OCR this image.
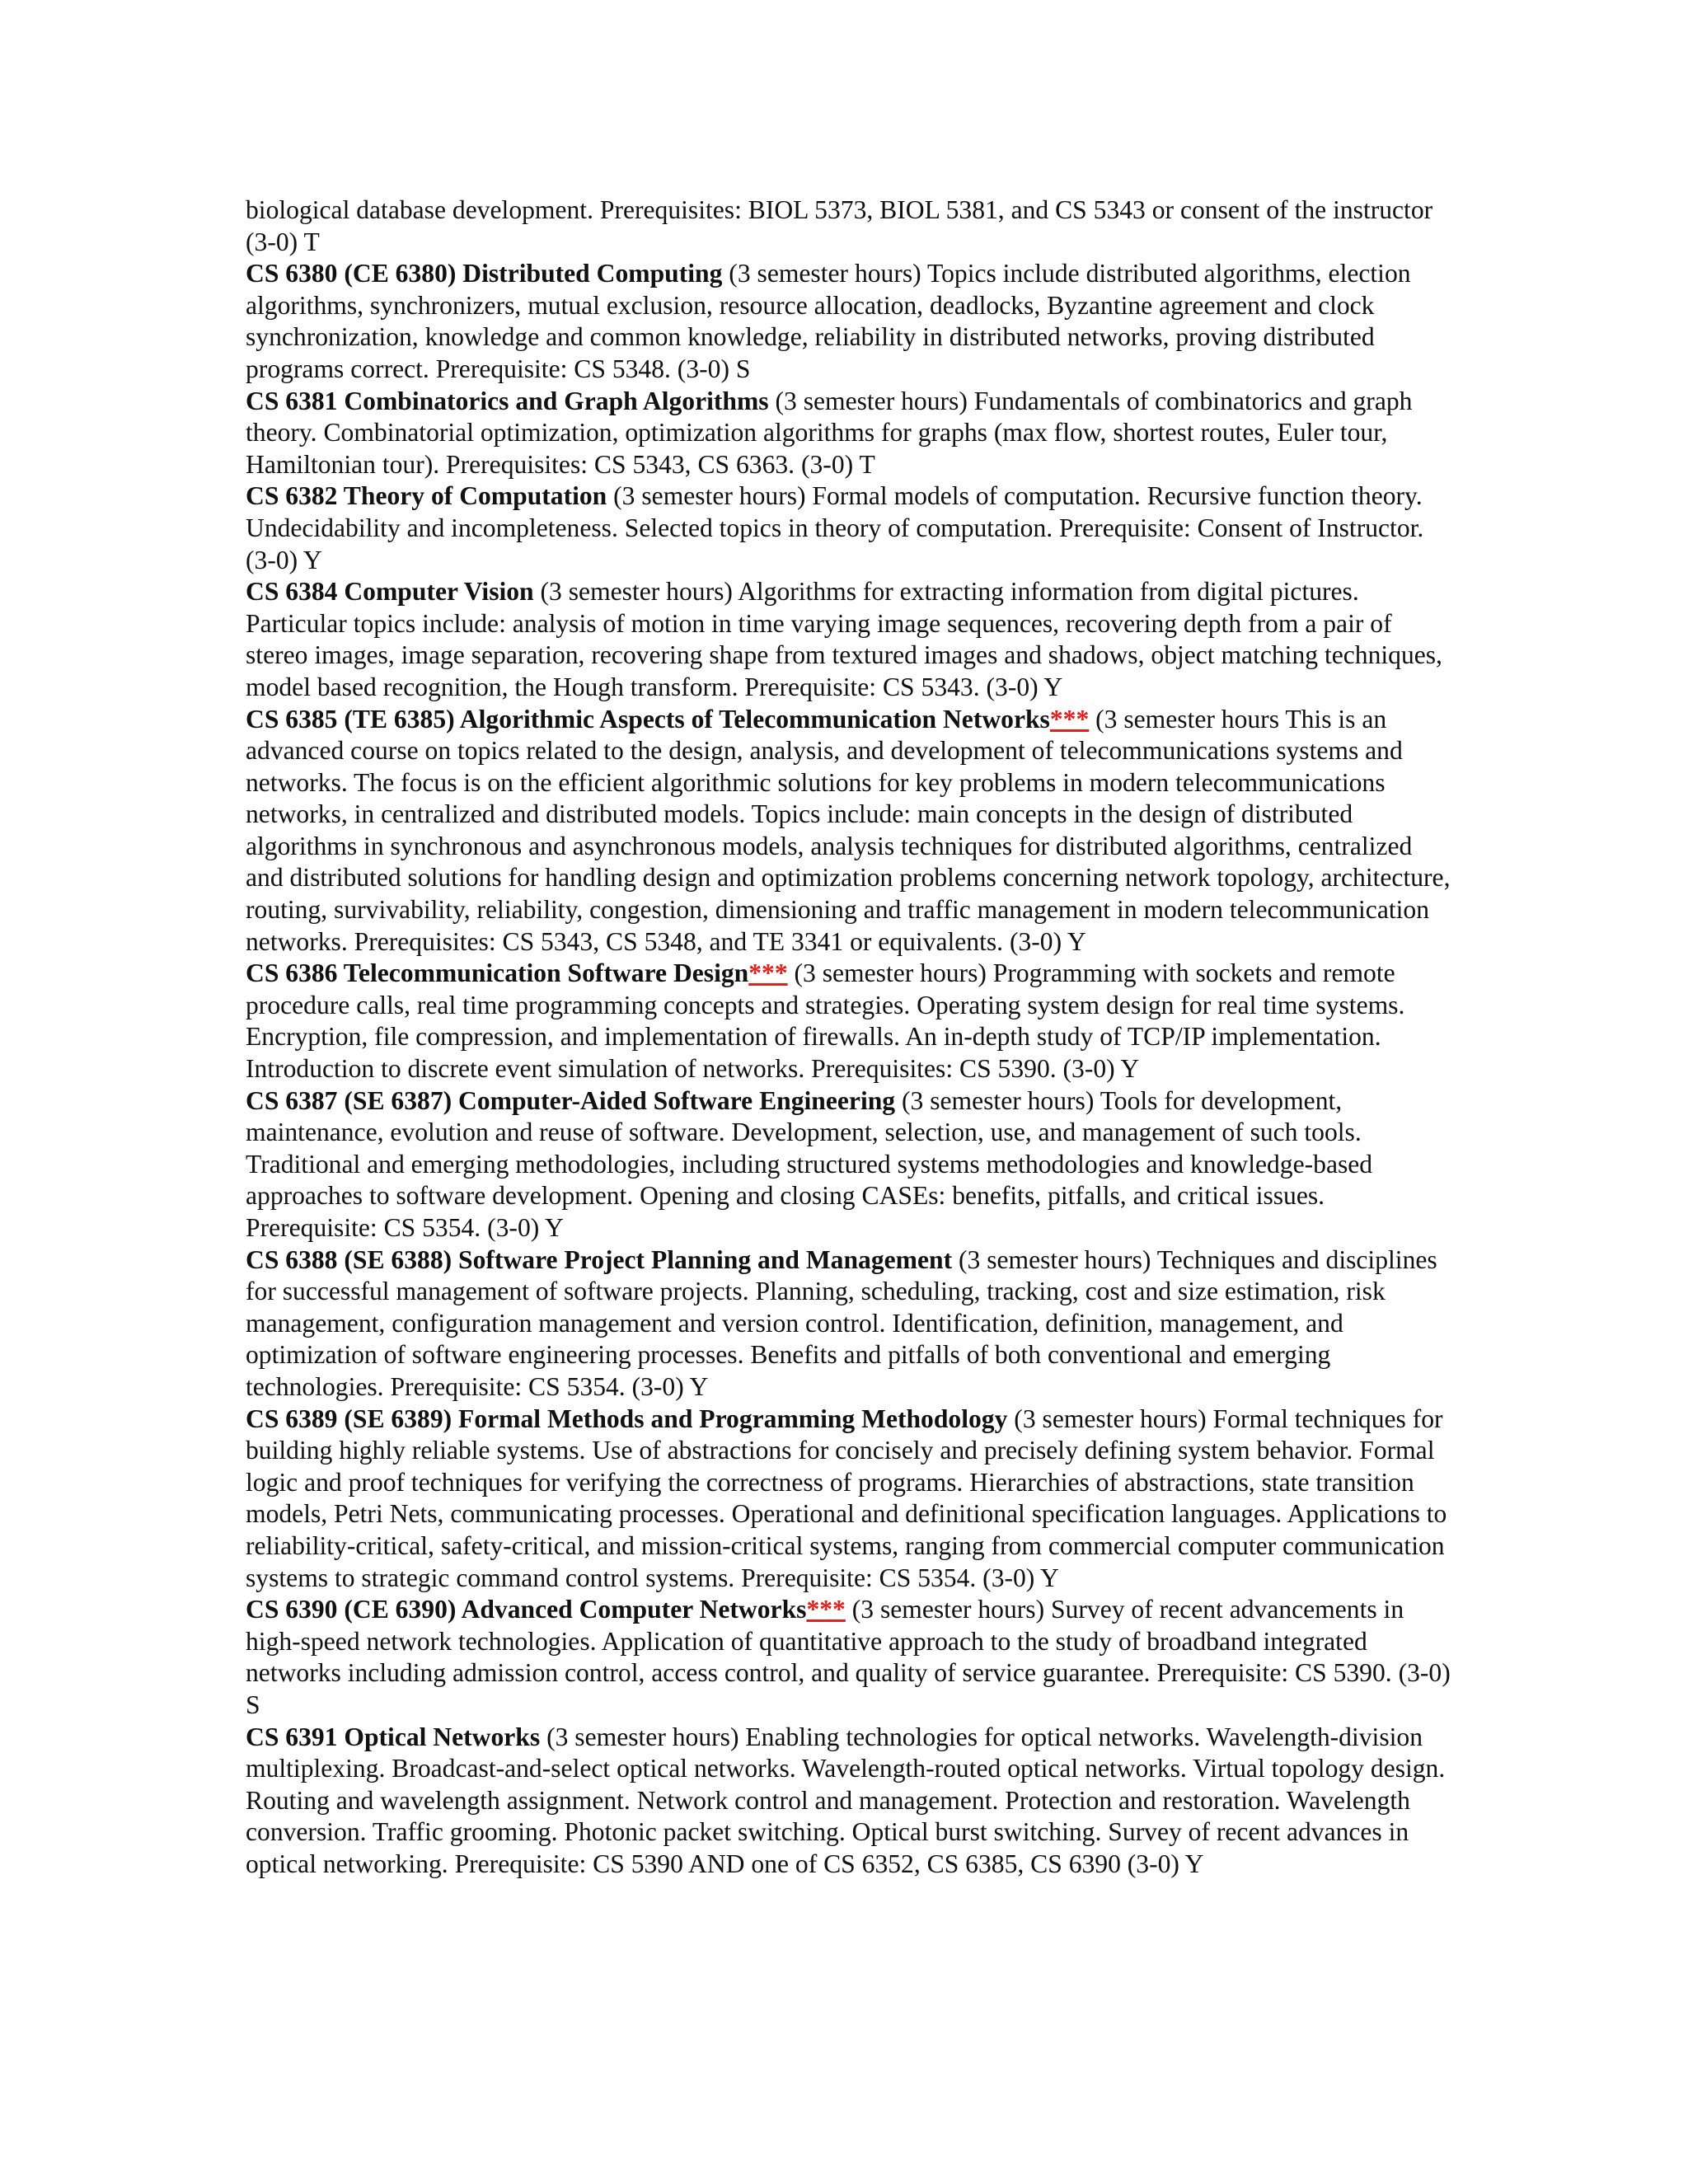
biological database development. Prerequisites: BIOL 5373, BIOL 5381, and CS 5343 or consent of the instructor (3-0) T

CS 6380 (CE 6380) Distributed Computing (3 semester hours) Topics include distributed algorithms, election algorithms, synchronizers, mutual exclusion, resource allocation, deadlocks, Byzantine agreement and clock synchronization, knowledge and common knowledge, reliability in distributed networks, proving distributed programs correct. Prerequisite: CS 5348. (3-0) S

CS 6381 Combinatorics and Graph Algorithms (3 semester hours) Fundamentals of combinatorics and graph theory. Combinatorial optimization, optimization algorithms for graphs (max flow, shortest routes, Euler tour, Hamiltonian tour). Prerequisites: CS 5343, CS 6363. (3-0) T

CS 6382 Theory of Computation (3 semester hours) Formal models of computation. Recursive function theory. Undecidability and incompleteness. Selected topics in theory of computation. Prerequisite: Consent of Instructor. (3-0) Y

CS 6384 Computer Vision (3 semester hours) Algorithms for extracting information from digital pictures. Particular topics include: analysis of motion in time varying image sequences, recovering depth from a pair of stereo images, image separation, recovering shape from textured images and shadows, object matching techniques, model based recognition, the Hough transform. Prerequisite: CS 5343. (3-0) Y

CS 6385 (TE 6385) Algorithmic Aspects of Telecommunication Networks*** (3 semester hours This is an advanced course on topics related to the design, analysis, and development of telecommunications systems and networks. The focus is on the efficient algorithmic solutions for key problems in modern telecommunications networks, in centralized and distributed models. Topics include: main concepts in the design of distributed algorithms in synchronous and asynchronous models, analysis techniques for distributed algorithms, centralized and distributed solutions for handling design and optimization problems concerning network topology, architecture, routing, survivability, reliability, congestion, dimensioning and traffic management in modern telecommunication networks. Prerequisites: CS 5343, CS 5348, and TE 3341 or equivalents. (3-0) Y

CS 6386 Telecommunication Software Design*** (3 semester hours) Programming with sockets and remote procedure calls, real time programming concepts and strategies. Operating system design for real time systems. Encryption, file compression, and implementation of firewalls. An in-depth study of TCP/IP implementation. Introduction to discrete event simulation of networks. Prerequisites: CS 5390. (3-0) Y

CS 6387 (SE 6387) Computer-Aided Software Engineering (3 semester hours) Tools for development, maintenance, evolution and reuse of software. Development, selection, use, and management of such tools. Traditional and emerging methodologies, including structured systems methodologies and knowledge-based approaches to software development. Opening and closing CASEs: benefits, pitfalls, and critical issues. Prerequisite: CS 5354. (3-0) Y

CS 6388 (SE 6388) Software Project Planning and Management (3 semester hours) Techniques and disciplines for successful management of software projects. Planning, scheduling, tracking, cost and size estimation, risk management, configuration management and version control. Identification, definition, management, and optimization of software engineering processes. Benefits and pitfalls of both conventional and emerging technologies. Prerequisite: CS 5354. (3-0) Y

CS 6389 (SE 6389) Formal Methods and Programming Methodology (3 semester hours) Formal techniques for building highly reliable systems. Use of abstractions for concisely and precisely defining system behavior. Formal logic and proof techniques for verifying the correctness of programs. Hierarchies of abstractions, state transition models, Petri Nets, communicating processes. Operational and definitional specification languages. Applications to reliability-critical, safety-critical, and mission-critical systems, ranging from commercial computer communication systems to strategic command control systems. Prerequisite: CS 5354. (3-0) Y

CS 6390 (CE 6390) Advanced Computer Networks*** (3 semester hours) Survey of recent advancements in high-speed network technologies. Application of quantitative approach to the study of broadband integrated networks including admission control, access control, and quality of service guarantee. Prerequisite: CS 5390. (3-0) S

CS 6391 Optical Networks (3 semester hours) Enabling technologies for optical networks. Wavelength-division multiplexing. Broadcast-and-select optical networks. Wavelength-routed optical networks. Virtual topology design. Routing and wavelength assignment. Network control and management. Protection and restoration. Wavelength conversion. Traffic grooming. Photonic packet switching. Optical burst switching. Survey of recent advances in optical networking. Prerequisite: CS 5390 AND one of CS 6352, CS 6385, CS 6390 (3-0) Y
